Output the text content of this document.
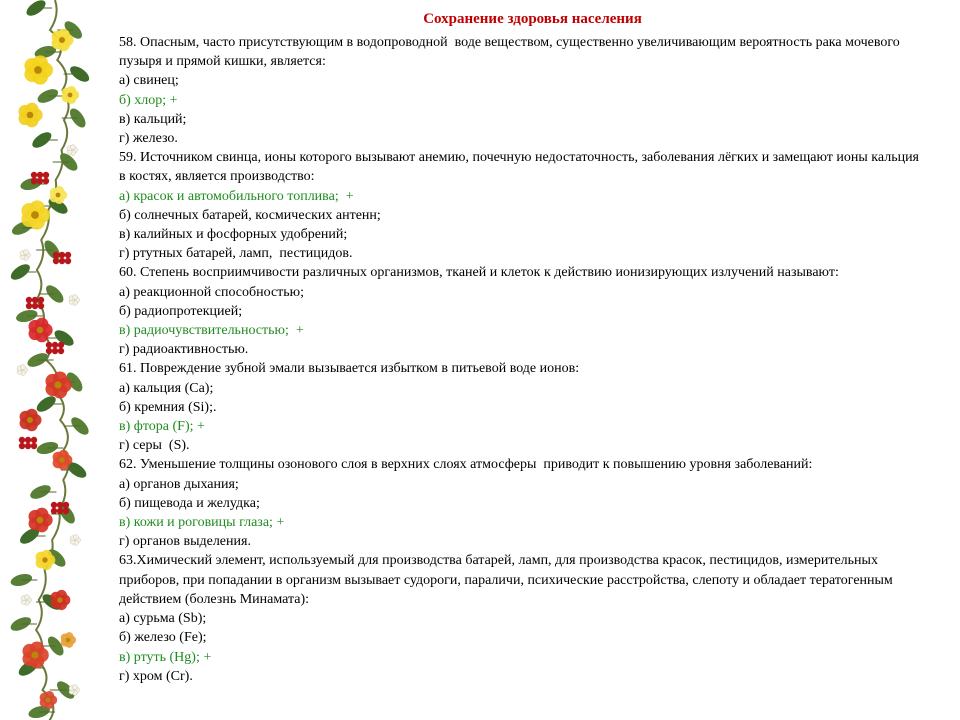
Сохранение здоровья населения

58. Опасным, часто присутствующим в водопроводной  воде веществом, существенно увеличивающим вероятность рака мочевого пузыря и прямой кишки, является:

а) свинец;

б) хлор; +

в) кальций;

г) железо.

59. Источником свинца, ионы которого вызывают анемию, почечную недостаточность, заболевания лёгких и замещают ионы кальция в костях, является производство:

а) красок и автомобильного топлива;  +

б) солнечных батарей, космических антенн;

в) калийных и фосфорных удобрений;

г) ртутных батарей, ламп,  пестицидов.

60. Степень восприимчивости различных организмов, тканей и клеток к действию ионизирующих излучений называют:

а) реакционной способностью;

б) радиопротекцией;

в) радиочувствительностью;  +

г) радиоактивностью.

61. Повреждение зубной эмали вызывается избытком в питьевой воде ионов:

а) кальция (Ca);

б) кремния (Si);.

в) фтора (F); +

г) серы  (S).

62. Уменьшение толщины озонового слоя в верхних слоях атмосферы  приводит к повышению уровня заболеваний:

а) органов дыхания;

б) пищевода и желудка;

в) кожи и роговицы глаза; +

г) органов выделения.

63.Химический элемент, используемый для производства батарей, ламп, для производства красок, пестицидов, измерительных приборов, при попадании в организм вызывает судороги, параличи, психические расстройства, слепоту и обладает тератогенным действием (болезнь Минамата):

а) сурьма (Sb);

б) железо (Fe);

в) ртуть (Hg); +

г) хром (Cr).
